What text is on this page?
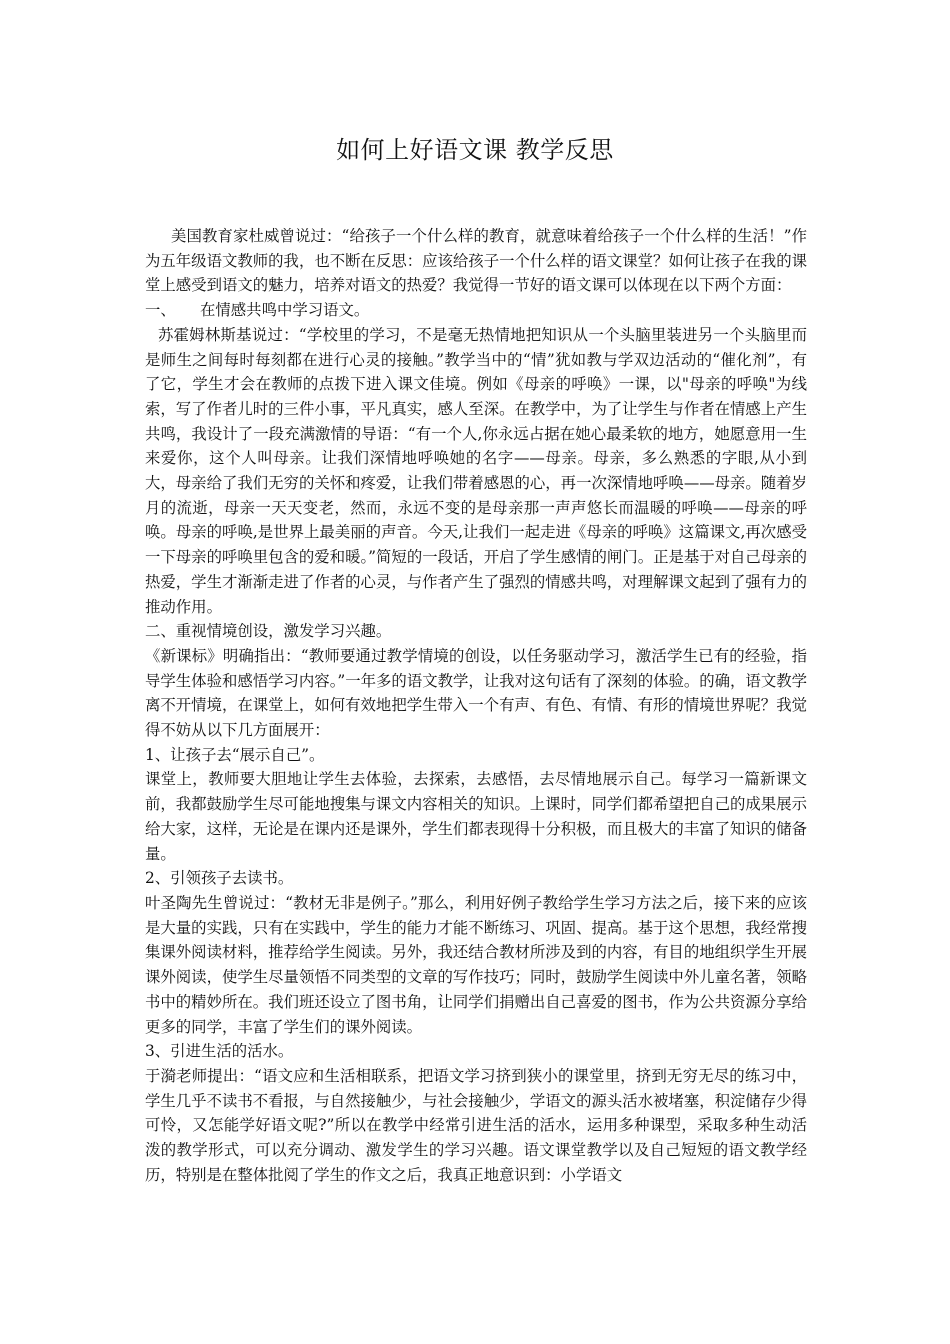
如何上好语文课 教学反思

美国教育家杜威曾说过：“给孩子一个什么样的教育，就意味着给孩子一个什么样的生活！”作为五年级语文教师的我，也不断在反思：应该给孩子一个什么样的语文课堂？如何让孩子在我的课堂上感受到语文的魅力，培养对语文的热爱？我觉得一节好的语文课可以体现在以下两个方面：

一、 在情感共鸣中学习语文。

苏霍姆林斯基说过：“学校里的学习，不是毫无热情地把知识从一个头脑里装进另一个头脑里而是师生之间每时每刻都在进行心灵的接触。”教学当中的“情”犹如教与学双边活动的“催化剂”，有了它，学生才会在教师的点拨下进入课文佳境。例如《母亲的呼唤》一课，以"母亲的呼唤"为线索，写了作者儿时的三件小事，平凡真实，感人至深。在教学中，为了让学生与作者在情感上产生共鸣，我设计了一段充满激情的导语：“有一个人,你永远占据在她心最柔软的地方，她愿意用一生来爱你，这个人叫母亲。让我们深情地呼唤她的名字——母亲。母亲，多么熟悉的字眼,从小到大，母亲给了我们无穷的关怀和疼爱，让我们带着感恩的心，再一次深情地呼唤——母亲。随着岁月的流逝，母亲一天天变老，然而，永远不变的是母亲那一声声悠长而温暖的呼唤——母亲的呼唤。母亲的呼唤,是世界上最美丽的声音。今天,让我们一起走进《母亲的呼唤》这篇课文,再次感受一下母亲的呼唤里包含的爱和暖。”简短的一段话，开启了学生感情的闸门。正是基于对自己母亲的热爱，学生才渐渐走进了作者的心灵，与作者产生了强烈的情感共鸣，对理解课文起到了强有力的推动作用。

二、重视情境创设，激发学习兴趣。

《新课标》明确指出：“教师要通过教学情境的创设，以任务驱动学习，激活学生已有的经验，指导学生体验和感悟学习内容。”一年多的语文教学，让我对这句话有了深刻的体验。的确，语文教学离不开情境，在课堂上，如何有效地把学生带入一个有声、有色、有情、有形的情境世界呢？我觉得不妨从以下几方面展开：

1、让孩子去“展示自己”。

课堂上，教师要大胆地让学生去体验，去探索，去感悟，去尽情地展示自己。每学习一篇新课文前，我都鼓励学生尽可能地搜集与课文内容相关的知识。上课时，同学们都希望把自己的成果展示给大家，这样，无论是在课内还是课外，学生们都表现得十分积极，而且极大的丰富了知识的储备量。

2、引领孩子去读书。

叶圣陶先生曾说过：“教材无非是例子。”那么，利用好例子教给学生学习方法之后，接下来的应该是大量的实践，只有在实践中，学生的能力才能不断练习、巩固、提高。基于这个思想，我经常搜集课外阅读材料，推荐给学生阅读。另外，我还结合教材所涉及到的内容，有目的地组织学生开展课外阅读，使学生尽量领悟不同类型的文章的写作技巧；同时，鼓励学生阅读中外儿童名著，领略书中的精妙所在。我们班还设立了图书角，让同学们捐赠出自己喜爱的图书，作为公共资源分享给更多的同学，丰富了学生们的课外阅读。

3、引进生活的活水。

于漪老师提出：“语文应和生活相联系，把语文学习挤到狭小的课堂里，挤到无穷无尽的练习中，学生几乎不读书不看报，与自然接触少，与社会接触少，学语文的源头活水被堵塞，积淀储存少得可怜，又怎能学好语文呢?”所以在教学中经常引进生活的活水，运用多种课型，采取多种生动活泼的教学形式，可以充分调动、激发学生的学习兴趣。语文课堂教学以及自己短短的语文教学经历，特别是在整体批阅了学生的作文之后，我真正地意识到：小学语文
